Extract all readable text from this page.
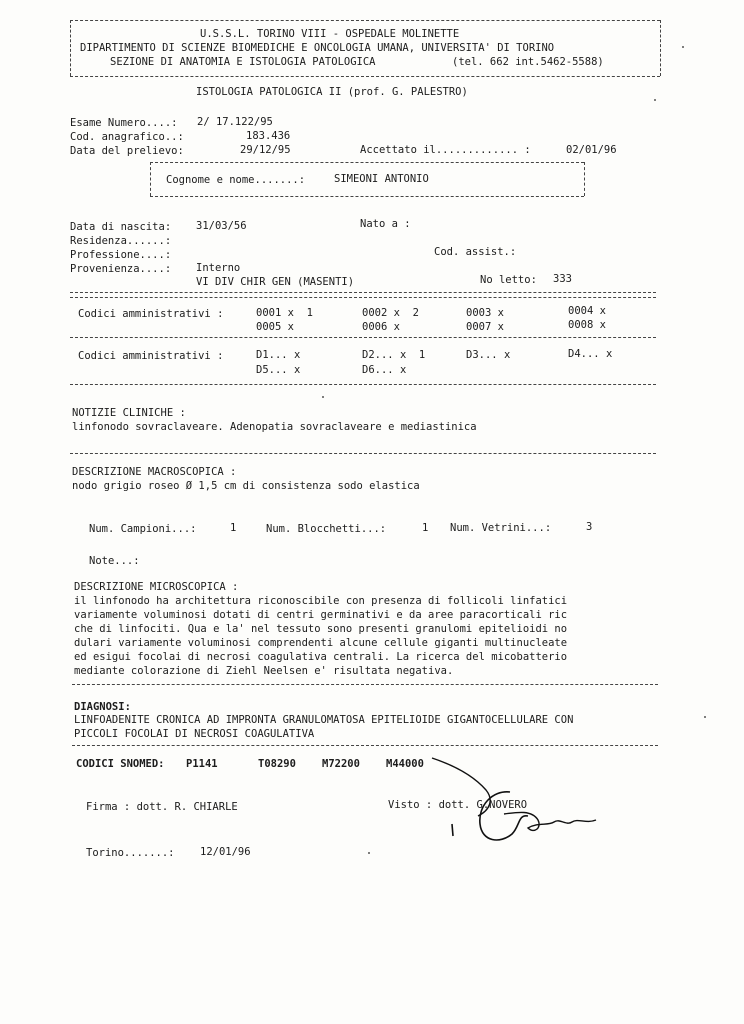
U.S.S.L. TORINO VIII - OSPEDALE MOLINETTE
DIPARTIMENTO DI SCIENZE BIOMEDICHE E ONCOLOGIA UMANA, UNIVERSITA' DI TORINO
SEZIONE DI ANATOMIA E ISTOLOGIA PATOLOGICA	(tel. 662 int.5462-5588)
ISTOLOGIA PATOLOGICA II (prof. G. PALESTRO)
Esame Numero....: 2/ 17.122/95
Cod. anagrafico..:	183.436
Data del prelievo:	29/12/95	Accettato il............. :	02/01/96
Cognome e nome.......:	SIMEONI ANTONIO
Data di nascita: 31/03/56	Nato a :
Residenza......:
Professione....:	Cod. assist.:
Provenienza....: Interno
VI DIV CHIR GEN (MASENTI)	No letto: 333
Codici amministrativi :	0001 x 1	0002 x 2	0003 x	0004 x
0005 x	0006 x	0007 x	0008 x
Codici amministrativi :	D1... x	D2... x 1	D3... x	D4... x
D5... x	D6... x
NOTIZIE CLINICHE :
linfonodo sovraclaveare. Adenopatia sovraclaveare e mediastinica
DESCRIZIONE MACROSCOPICA :
nodo grigio roseo Ø 1,5 cm di consistenza sodo elastica
Num. Campioni...:	1	Num. Blocchetti...:	1 Num. Vetrini...:	3
Note...:
DESCRIZIONE MICROSCOPICA :
il linfonodo ha architettura riconoscibile con presenza di follicoli linfatici
variamente voluminosi dotati di centri germinativi e da aree paracorticali ric
che di linfociti. Qua e la' nel tessuto sono presenti granulomi epitelioidi no
dulari variamente voluminosi comprendenti alcune cellule giganti multinucleate
ed esigui focolai di necrosi coagulativa centrali. La ricerca del micobatterio
mediante colorazione di Ziehl Neelsen e' risultata negativa.
DIAGNOSI:
LINFOADENITE CRONICA AD IMPRONTA GRANULOMATOSA EPITELIOIDE GIGANTOCELLULARE CON
PICCOLI FOCOLAI DI NECROSI COAGULATIVA
CODICI SNOMED: P1141	T08290 M72200 M44000
Firma : dott. R. CHIARLE	Visto : dott. G.NOVERO
Torino.......: 12/01/96
